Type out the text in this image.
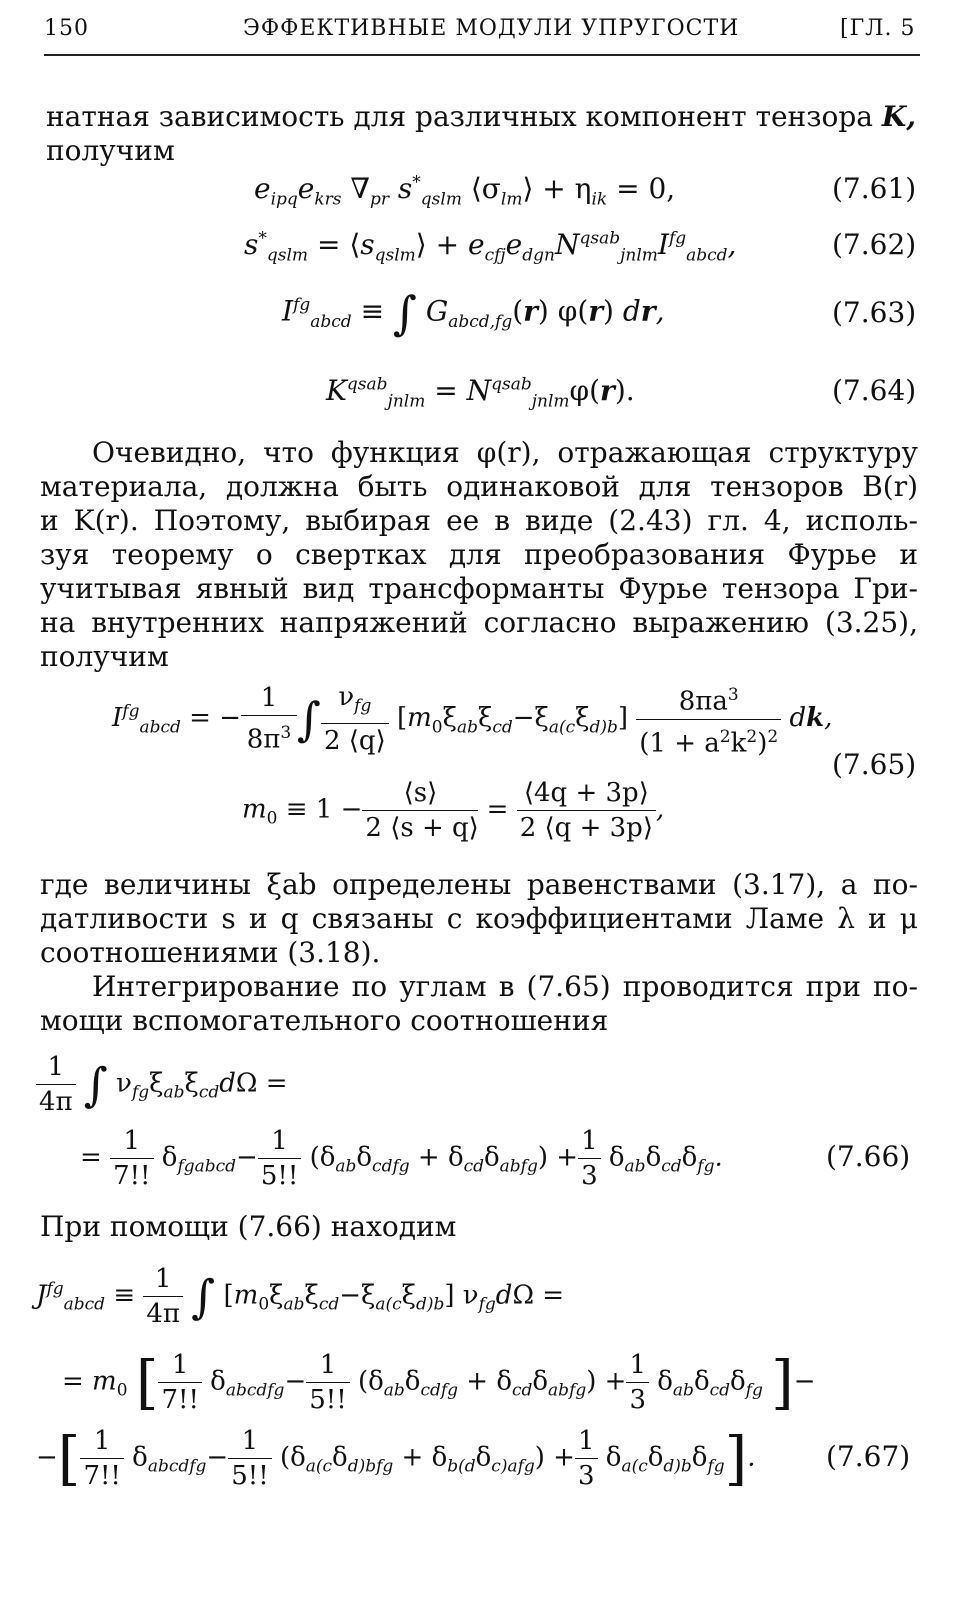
150	ЭФФЕКТИВНЫЕ МОДУЛИ УПРУГОСТИ	[ГЛ. 5
натная зависимость для различных компонент тензора K,
получим
$e_{ipq}e_{krs}$ $\nabla_{pr}$ $s^*_{qslm}$ $⟨\sigma_{lm}⟩ + \eta_{ik} = 0$,	(7.61)
$s^*_{qslm}$ = $⟨s_{qslm}⟩ + e_{cfj}e_{dgn}N^{qsab}_{jnlm}I^{fg}_{abcd}$,	(7.62)
$I^{fg}_{abcd}$ ≡ ∫ $G_{abcd,fg}(r)$ φ(r) dr,	(7.63)
$K^{qsab}_{jnlm} = N^{qsab}_{jnlm}\varphi(r)$.	(7.64)
Очевидно, что функция φ(r), отражающая структуру
материала, должна быть одинаковой для тензоров B(r)
и K(r). Поэтому, выбирая ее в виде (2.43) гл. 4, исполь-
зуя теорему о свертках для преобразования Фурье и
учитывая явный вид трансформанты Фурье тензора Гри-
на внутренних напряжений согласно выражению (3.25),
получим
$I^{fg}_{abcd}$ = − $\frac{1}{8\pi^3}$ ∫ $\frac{\nu_{fg}}{2 ⟨q⟩} [m_0\xi_{ab}\xi_{cd}-\xi_{a(c}\xi_{d)b}] \frac{8\pi a^3}{(1 + a^2k^2)^2}$ dk,
(7.65)
$m_0 \equiv 1 - \frac{⟨s⟩}{2 ⟨s + q⟩} = \frac{⟨4q + 3p⟩}{2 ⟨q + 3p⟩}$ ,
где величины ξab определены равенствами (3.17), а по-
датливости s и q связаны с коэффициентами Ламе λ и μ
соотношениями (3.18).
Интегрирование по углам в (7.65) проводится при по-
мощи вспомогательного соотношения
$\frac{1}{4\pi}$ ∫ $\nu_{fg}\xi_{ab}\xi_{cd}d\Omega$ =
= $\frac{1}{7!!} \delta_{fgabcd}- \frac{1}{5!!} (\delta_{ab}\delta_{cdfg} + \delta_{cd}\delta_{abfg}) + \frac{1}{3} \delta_{ab}\delta_{cd}\delta_{fg}$.	(7.66)
При помощи (7.66) находим
$J^{fg}_{abcd} \equiv \frac{1}{4\pi}$ ∫ $[m_0\xi_{ab}\xi_{cd}-\xi_{a(c}\xi_{d)b}] \nu_{fg}d\Omega$ =
= $m_0$ [ $\frac{1}{7!!} \delta_{abcdfg}- \frac{1}{5!!} (\delta_{ab}\delta_{cdfg} + \delta_{cd}\delta_{abfg}) + \frac{1}{3} \delta_{ab}\delta_{cd}\delta_{fg}$ ]−
−[ $\frac{1}{7!!} \delta_{abcdfg}- \frac{1}{5!!} (\delta_{a(c}\delta_{d)bfg} + \delta_{b(d}\delta_{c)afg}) + \frac{1}{3} \delta_{a(c}\delta_{d)b}\delta_{fg}$].	(7.67)
